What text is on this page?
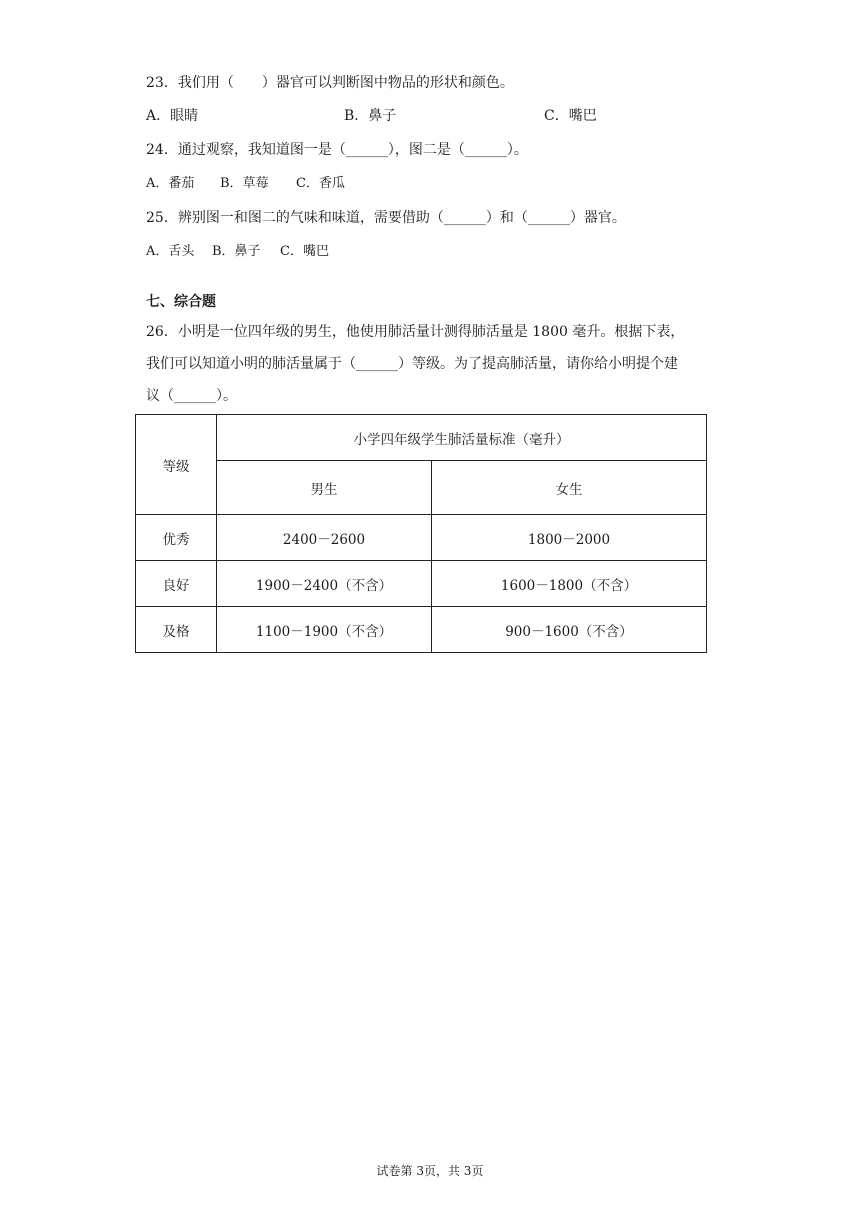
23．我们用（　　）器官可以判断图中物品的形状和颜色。
A．眼睛	B．鼻子	C．嘴巴
24．通过观察，我知道图一是（______），图二是（______）。
A．番茄 B．草莓 C．香瓜
25．辨别图一和图二的气味和味道，需要借助（______）和（______）器官。
A．舌头 B．鼻子 C．嘴巴
七、综合题
26．小明是一位四年级的男生，他使用肺活量计测得肺活量是 1800 毫升。根据下表，
我们可以知道小明的肺活量属于（______）等级。为了提高肺活量，请你给小明提个建
议（______）。
等级	小学四年级学生肺活量标准（毫升）	
	男生	女生
优秀	2400－2600	1800－2000
良好	1900－2400（不含）	1600－1800（不含）
及格	1100－1900（不含）	900－1600（不含）
试卷第 3页，共 3页
